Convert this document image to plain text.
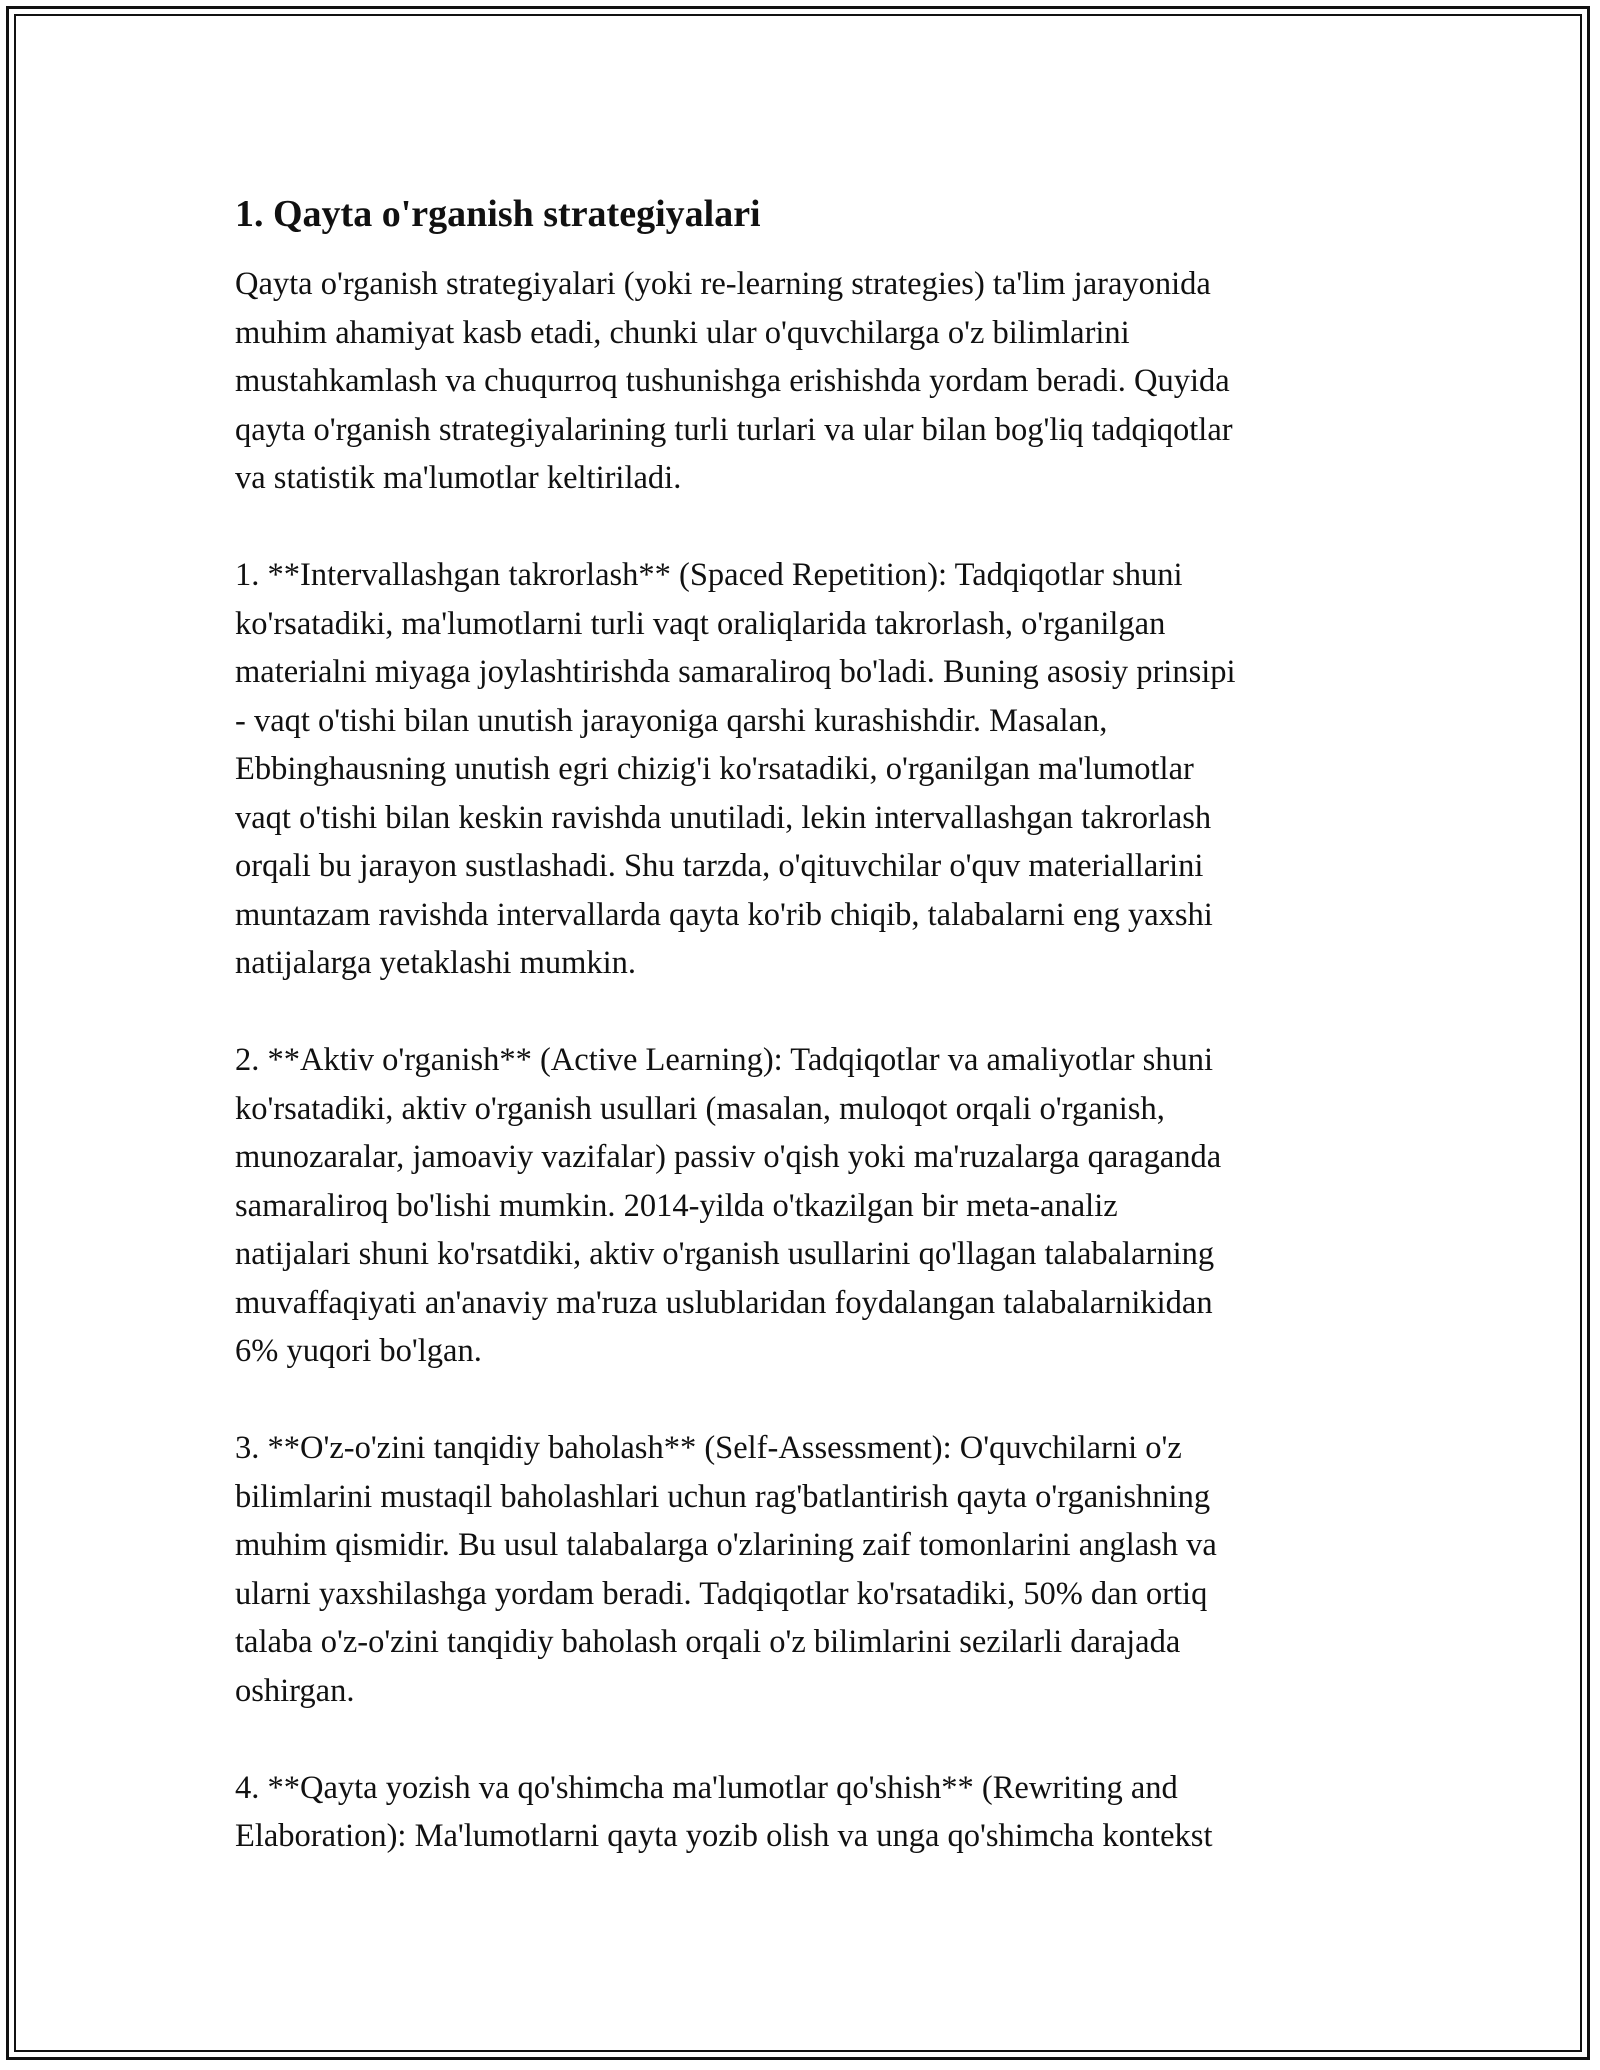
1. Qayta o'rganish strategiyalari
Qayta o'rganish strategiyalari (yoki re-learning strategies) ta'lim jarayonida
muhim ahamiyat kasb etadi, chunki ular o'quvchilarga o'z bilimlarini
mustahkamlash va chuqurroq tushunishga erishishda yordam beradi. Quyida
qayta o'rganish strategiyalarining turli turlari va ular bilan bog'liq tadqiqotlar
va statistik ma'lumotlar keltiriladi.
1. **Intervallashgan takrorlash** (Spaced Repetition): Tadqiqotlar shuni
ko'rsatadiki, ma'lumotlarni turli vaqt oraliqlarida takrorlash, o'rganilgan
materialni miyaga joylashtirishda samaraliroq bo'ladi. Buning asosiy prinsipi
- vaqt o'tishi bilan unutish jarayoniga qarshi kurashishdir. Masalan,
Ebbinghausning unutish egri chizig'i ko'rsatadiki, o'rganilgan ma'lumotlar
vaqt o'tishi bilan keskin ravishda unutiladi, lekin intervallashgan takrorlash
orqali bu jarayon sustlashadi. Shu tarzda, o'qituvchilar o'quv materiallarini
muntazam ravishda intervallarda qayta ko'rib chiqib, talabalarni eng yaxshi
natijalarga yetaklashi mumkin.
2. **Aktiv o'rganish** (Active Learning): Tadqiqotlar va amaliyotlar shuni
ko'rsatadiki, aktiv o'rganish usullari (masalan, muloqot orqali o'rganish,
munozaralar, jamoaviy vazifalar) passiv o'qish yoki ma'ruzalarga qaraganda
samaraliroq bo'lishi mumkin. 2014-yilda o'tkazilgan bir meta-analiz
natijalari shuni ko'rsatdiki, aktiv o'rganish usullarini qo'llagan talabalarning
muvaffaqiyati an'anaviy ma'ruza uslublaridan foydalangan talabalarnikidan
6% yuqori bo'lgan.
3. **O'z-o'zini tanqidiy baholash** (Self-Assessment): O'quvchilarni o'z
bilimlarini mustaqil baholashlari uchun rag'batlantirish qayta o'rganishning
muhim qismidir. Bu usul talabalarga o'zlarining zaif tomonlarini anglash va
ularni yaxshilashga yordam beradi. Tadqiqotlar ko'rsatadiki, 50% dan ortiq
talaba o'z-o'zini tanqidiy baholash orqali o'z bilimlarini sezilarli darajada
oshirgan.
4. **Qayta yozish va qo'shimcha ma'lumotlar qo'shish** (Rewriting and
Elaboration): Ma'lumotlarni qayta yozib olish va unga qo'shimcha kontekst
